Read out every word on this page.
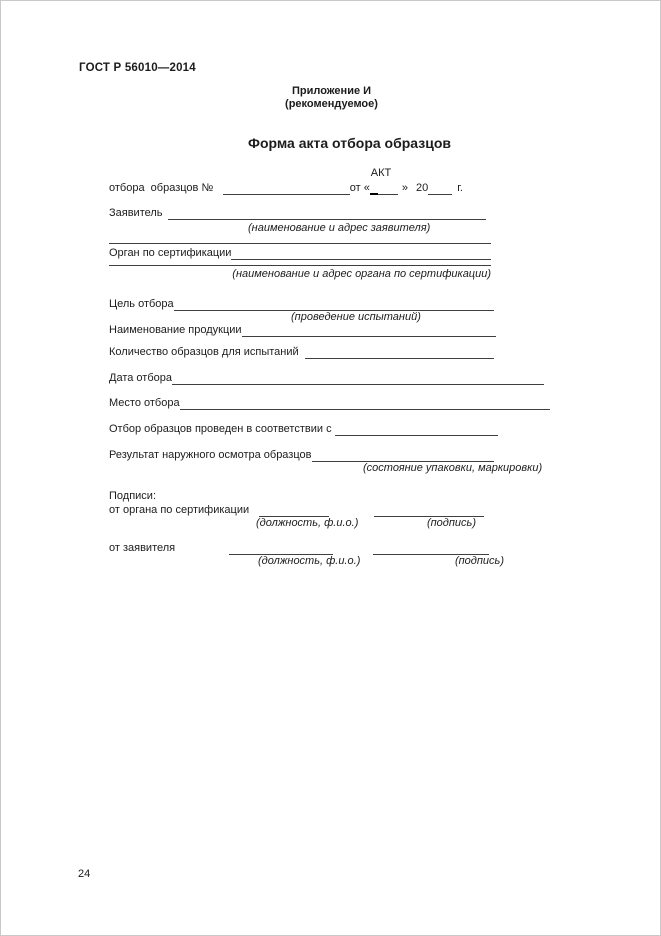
ГОСТ Р 56010—2014
Приложение И
(рекомендуемое)
Форма акта отбора образцов
АКТ
отбора  образцов №	от «	» 20	г.
Заявитель
(наименование и адрес заявителя)
Орган по сертификации
(наименование и адрес органа по сертификации)
Цель отбора
(проведение испытаний)
Наименование продукции
Количество образцов для испытаний
Дата отбора
Место отбора
Отбор образцов проведен в соответствии с
Результат наружного осмотра образцов
(состояние упаковки, маркировки)
Подписи:
от органа по сертификации
(должность, ф.и.о.)	(подпись)
от заявителя
(должность, ф.и.о.)	(подпись)
24
